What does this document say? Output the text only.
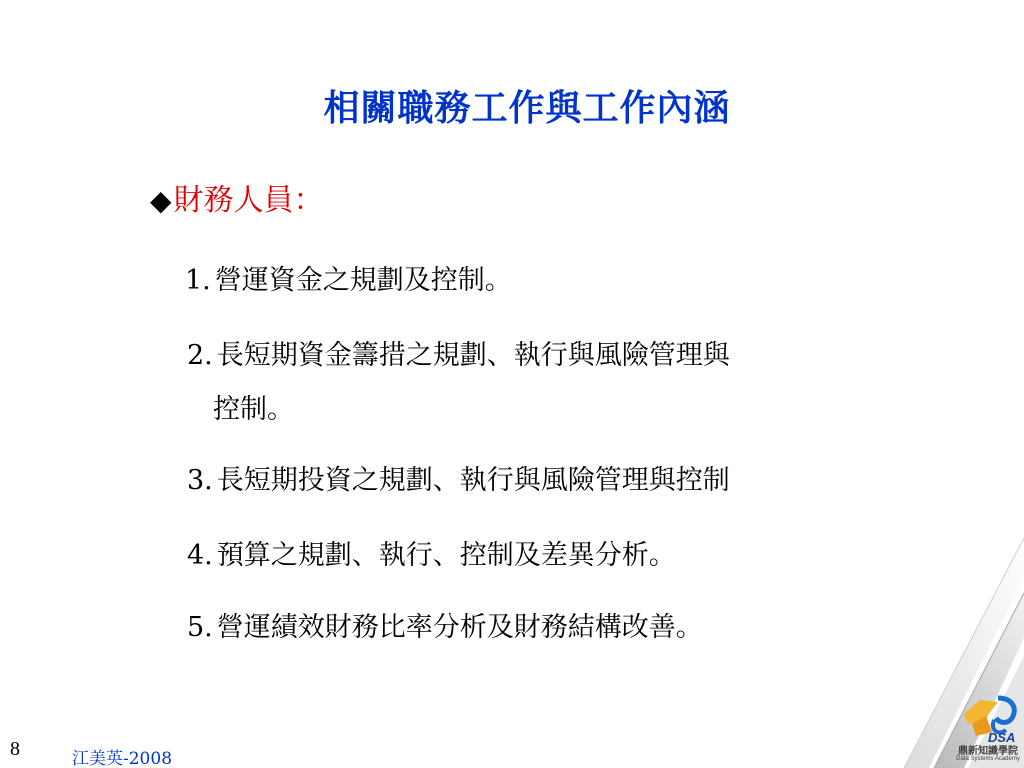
相關職務工作與工作內涵
◆財務人員：
1. 營運資金之規劃及控制。
2. 長短期資金籌措之規劃、執行與風險管理與
控制。
3. 長短期投資之規劃、執行與風險管理與控制
4. 預算之規劃、執行、控制及差異分析。
5. 營運績效財務比率分析及財務結構改善。
DSA
鼎新知識學院
Data Systems Academy
8	江美英-2008
